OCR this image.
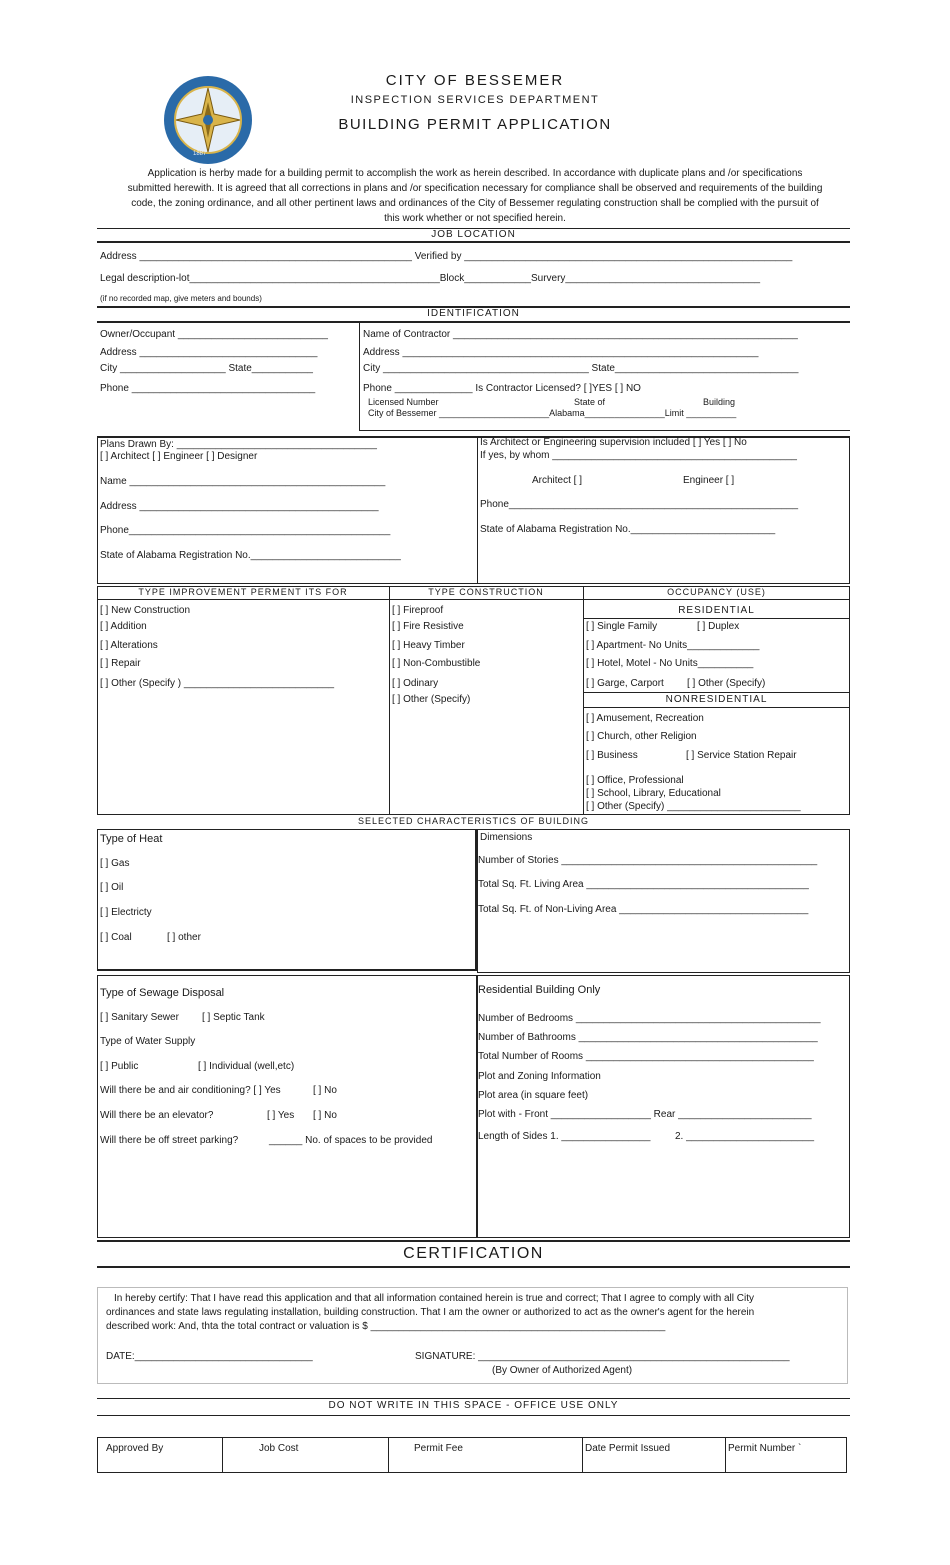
1887
CITY OF BESSEMER
INSPECTION SERVICES DEPARTMENT
BUILDING PERMIT APPLICATION
Application is herby made for a building permit to accomplish the work as herein described. In accordance with duplicate plans and /or specifications
submitted herewith. It is agreed that all corrections in plans and /or specification necessary for compliance shall be observed and requirements of the building
code, the zoning ordinance, and all other pertinent laws and ordinances of the City of Bessemer regulating construction shall be complied with the pursuit of
this work whether or not specified herein.
JOB LOCATION
Address _________________________________________________ Verified by ___________________________________________________________
Legal description-lot_____________________________________________Block____________Survery___________________________________
(if no recorded map, give meters and bounds)
IDENTIFICATION
Owner/Occupant ___________________________
Address ________________________________
City ___________________ State___________
Phone _________________________________
Name of Contractor ______________________________________________________________
Address ________________________________________________________________
City _____________________________________ State_________________________________
Phone ______________ Is Contractor Licensed? [ ]YES [ ] NO
Licensed Number	State of	Building
City of Bessemer ______________________Alabama________________Limit __________
Plans Drawn By: ____________________________________
[ ] Architect [ ] Engineer [ ] Designer
Name ______________________________________________
Address ___________________________________________
Phone_______________________________________________
State of Alabama Registration No.___________________________
Is Architect or Engineering supervision included [ ] Yes [ ] No
If yes, by whom ____________________________________________
Architect [ ]	Engineer [ ]
Phone____________________________________________________
State of Alabama Registration No.__________________________
TYPE IMPROVEMENT PERMENT ITS FOR	TYPE CONSTRUCTION	OCCUPANCY (USE)
[ ] New Construction
[ ] Addition
[ ] Alterations
[ ] Repair
[ ] Other (Specify ) ___________________________
[ ] Fireproof
[ ] Fire Resistive
[ ] Heavy Timber
[ ] Non-Combustible
[ ] Odinary
[ ] Other (Specify)
RESIDENTIAL
[ ] Single Family	[ ] Duplex
[ ] Apartment- No Units_____________
[ ] Hotel, Motel - No Units__________
[ ] Garge, Carport [ ] Other (Specify)
NONRESIDENTIAL
[ ] Amusement, Recreation
[ ] Church, other Religion
[ ] Business	[ ] Service Station Repair
[ ] Office, Professional
[ ] School, Library, Educational
[ ] Other (Specify) ________________________
SELECTED CHARACTERISTICS OF BUILDING
Type of Heat
[ ] Gas
[ ] Oil
[ ] Electricty
[ ] Coal	[ ] other
Dimensions
Number of Stories ______________________________________________
Total Sq. Ft. Living Area ________________________________________
Total Sq. Ft. of Non-Living Area __________________________________
Type of Sewage Disposal
[ ] Sanitary Sewer [ ] Septic Tank
Type of Water Supply
[ ] Public	[ ] Individual (well,etc)
Will there be and air conditioning? [ ] Yes	[ ] No
Will there be an elevator?	[ ] Yes [ ] No
Will there be off street parking?	______ No. of spaces to be provided
Residential Building Only
Number of Bedrooms ____________________________________________
Number of Bathrooms ___________________________________________
Total Number of Rooms _________________________________________
Plot and Zoning Information
Plot area (in square feet)
Plot with - Front __________________ Rear ________________________
Length of Sides 1. ________________ 2. _______________________
CERTIFICATION
In hereby certify: That I have read this application and that all information contained herein is true and correct; That I agree to comply with all City
ordinances and state laws regulating installation, building construction. That I am the owner or authorized to act as the owner's agent for the herein
described work: And, thta the total contract or valuation is $ _____________________________________________________
DATE:________________________________	SIGNATURE: ________________________________________________________
(By Owner of Authorized Agent)
DO NOT WRITE IN THIS SPACE - OFFICE USE ONLY
Approved By	Job Cost	Permit Fee	Date Permit Issued	Permit Number `
